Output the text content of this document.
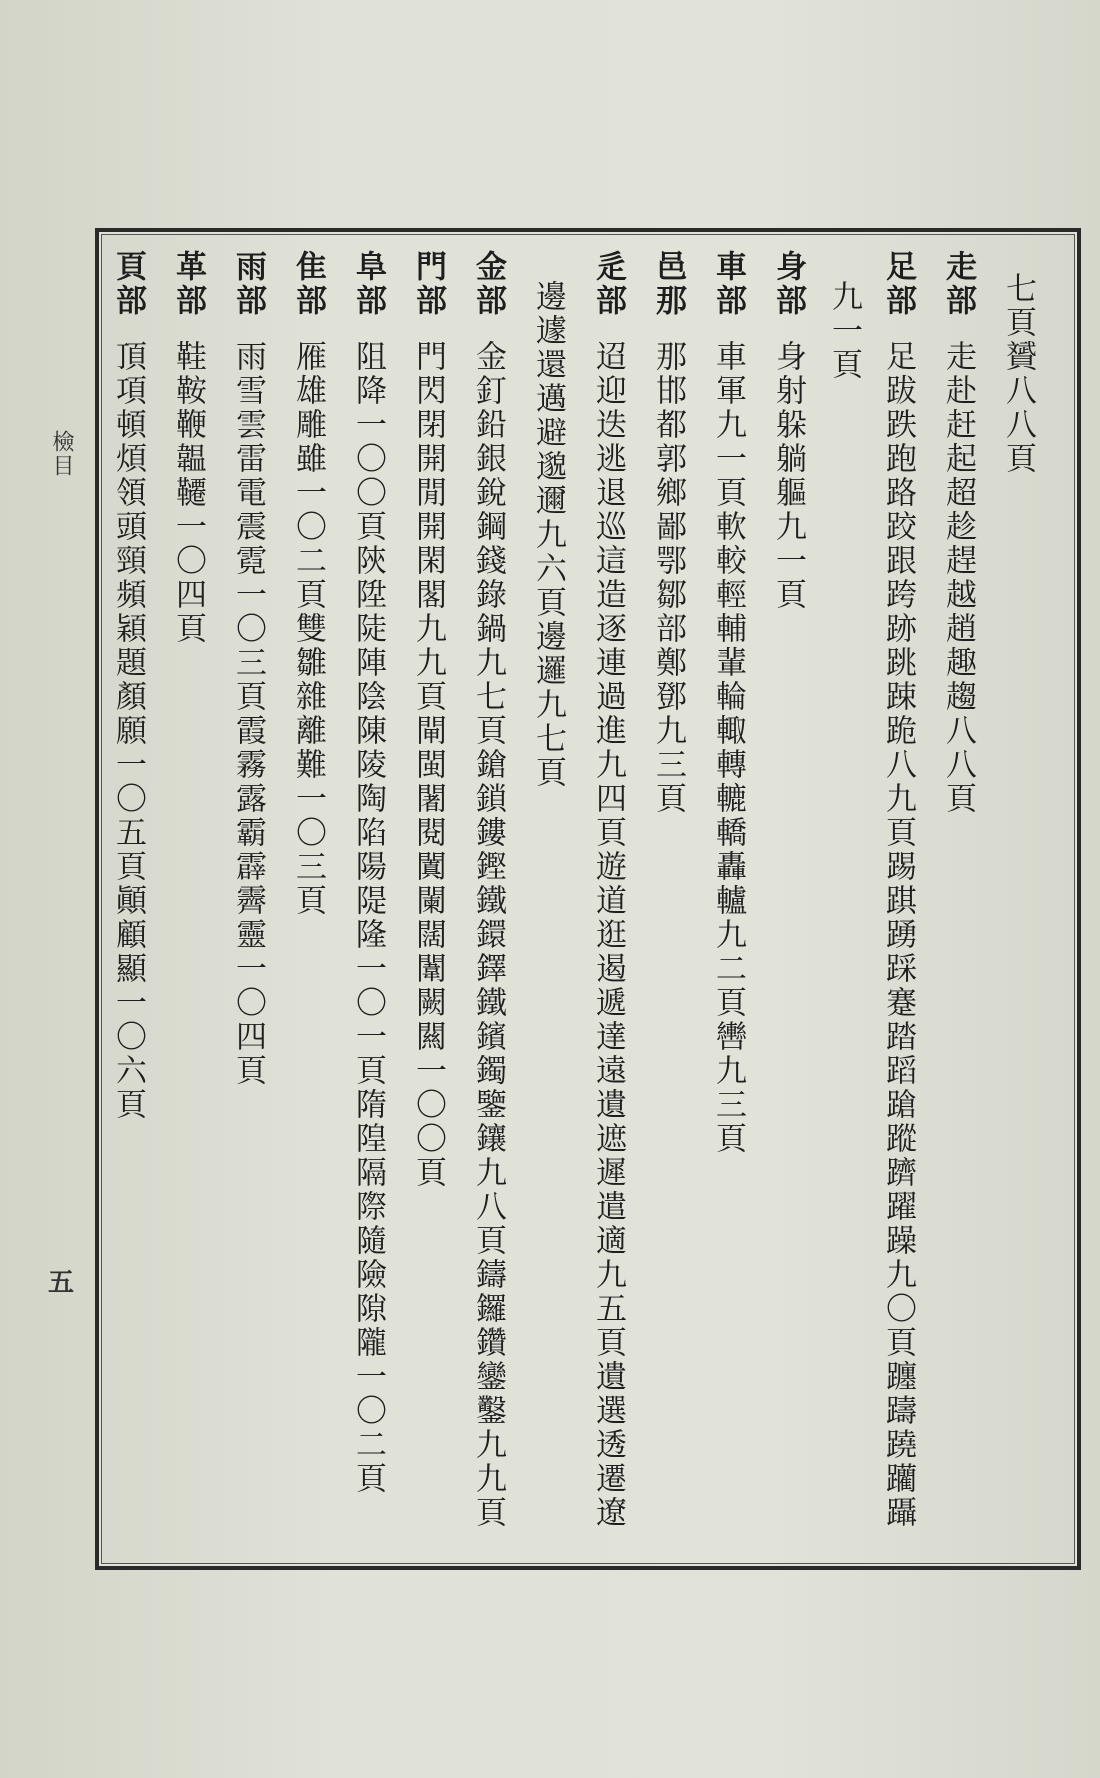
七頁贇八八頁
走部走赴赶起超趁趕越趙趣趨八八頁
足部足跋跌跑路跤跟跨跡跳踈跪八九頁踢踑踴踩蹇踏蹈蹌蹤躋躍躁九〇頁躔躊蹺躪躡
九一頁
身部身射躲躺軀九一頁
車部車軍九一頁軟較輕輔輩輪輙轉轆轎轟轤九二頁轡九三頁
邑那那邯都郭鄉鄙鄂鄒部鄭鄧九三頁
辵部迢迎迭逃退巡這造逐連過進九四頁遊道逛遏遞達遠遺遮遲遣適九五頁遺選透遷遼
邊遽還邁避邈邇九六頁邊邏九七頁
金部金釘鉛銀銳鋼錢錄鍋九七頁鎗鎖鏤鏗鐵鐶鐸鐵鑌鐲鑒鑲九八頁鑄鑼鑽鑾鑿九九頁
門部門閃閉開閒開閑閣九九頁閘閩闍閱闐闌闊闈闕闗一〇〇頁
阜部阻降一〇〇頁陝陞陡陣陰陳陵陶陷陽隄隆一〇一頁隋隍隔際隨險隙隴一〇二頁
隹部雁雄雕雖一〇二頁雙雛雜離難一〇三頁
雨部雨雪雲雷電震霓一〇三頁霞霧露霸霹霽靈一〇四頁
革部鞋鞍鞭韞韆一〇四頁
頁部頂項頓煩領頭頸頻穎題顏願一〇五頁顚顧顯一〇六頁
檢目
五
